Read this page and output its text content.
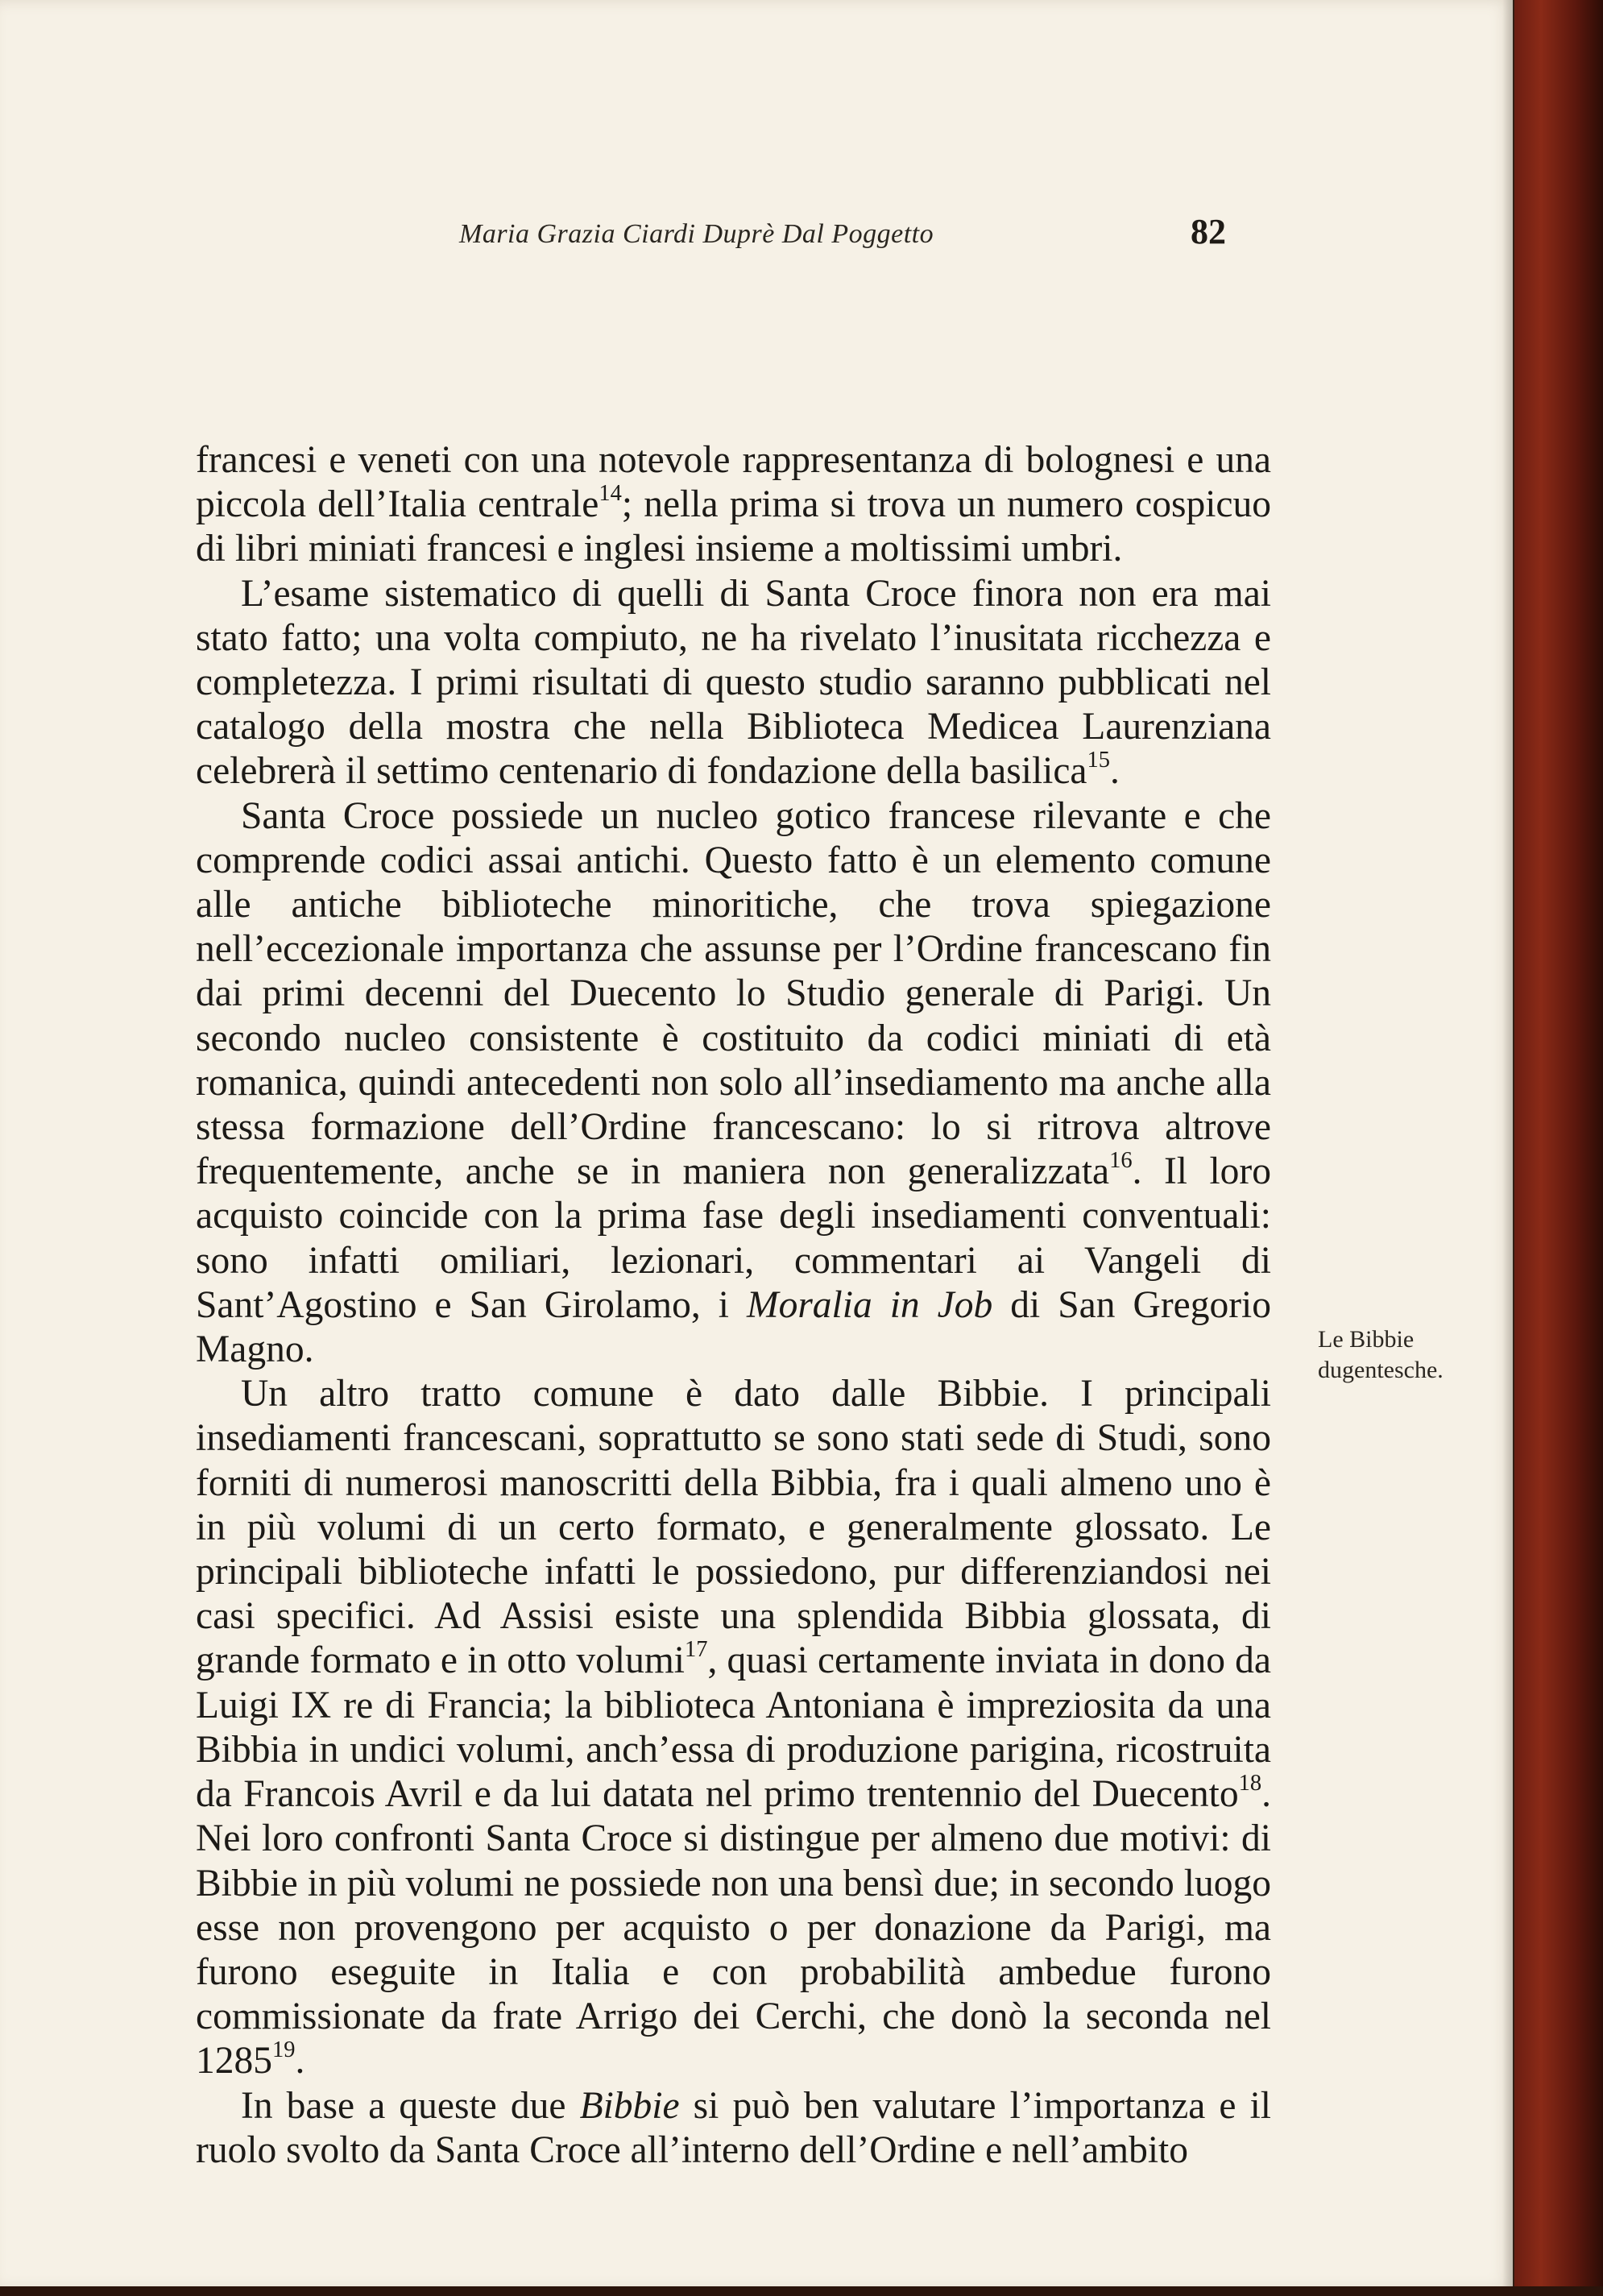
Maria Grazia Ciardi Duprè Dal Poggetto	82

francesi e veneti con una notevole rappresentanza di bolognesi e una piccola dell’Italia centrale$^{14}$; nella prima si trova un numero cospicuo di libri miniati francesi e inglesi insieme a moltissimi umbri.

L’esame sistematico di quelli di Santa Croce finora non era mai stato fatto; una volta compiuto, ne ha rivelato l’inusitata ricchezza e completezza. I primi risultati di questo studio saranno pubblicati nel catalogo della mostra che nella Biblioteca Medicea Laurenziana celebrerà il settimo centenario di fondazione della basilica$^{15}$.

Santa Croce possiede un nucleo gotico francese rilevante e che comprende codici assai antichi. Questo fatto è un elemento comune alle antiche biblioteche minoritiche, che trova spiegazione nell’eccezionale importanza che assunse per l’Ordine francescano fin dai primi decenni del Duecento lo Studio generale di Parigi. Un secondo nucleo consistente è costituito da codici miniati di età romanica, quindi antecedenti non solo all’insediamento ma anche alla stessa formazione dell’Ordine francescano: lo si ritrova altrove frequentemente, anche se in maniera non generalizzata$^{16}$. Il loro acquisto coincide con la prima fase degli insediamenti conventuali: sono infatti omiliari, lezionari, commentari ai Vangeli di Sant’Agostino e San Girolamo, i Moralia in Job di San Gregorio Magno.

Un altro tratto comune è dato dalle Bibbie. I principali insediamenti francescani, soprattutto se sono stati sede di Studi, sono forniti di numerosi manoscritti della Bibbia, fra i quali almeno uno è in più volumi di un certo formato, e generalmente glossato. Le principali biblioteche infatti le possiedono, pur differenziandosi nei casi specifici. Ad Assisi esiste una splendida Bibbia glossata, di grande formato e in otto volumi$^{17}$, quasi certamente inviata in dono da Luigi IX re di Francia; la biblioteca Antoniana è impreziosita da una Bibbia in undici volumi, anch’essa di produzione parigina, ricostruita da Francois Avril e da lui datata nel primo trentennio del Duecento$^{18}$. Nei loro confronti Santa Croce si distingue per almeno due motivi: di Bibbie in più volumi ne possiede non una bensì due; in secondo luogo esse non provengono per acquisto o per donazione da Parigi, ma furono eseguite in Italia e con probabilità ambedue furono commissionate da frate Arrigo dei Cerchi, che donò la seconda nel 1285$^{19}$.

In base a queste due Bibbie si può ben valutare l’importanza e il ruolo svolto da Santa Croce all’interno dell’Ordine e nell’ambito

Le Bibbie dugentesche.
